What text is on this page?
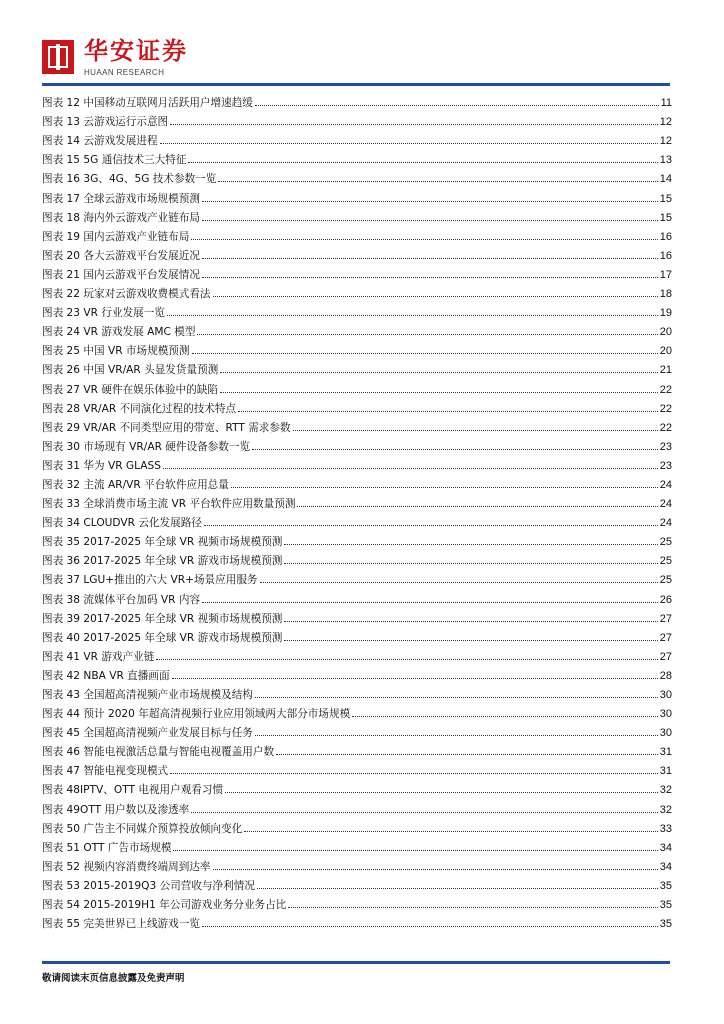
华安证券
HUAAN RESEARCH
图表 12 中国移动互联网月活跃用户增速趋缓	11
图表 13 云游戏运行示意图	12
图表 14 云游戏发展进程	12
图表 15 5G 通信技术三大特征	13
图表 16 3G、4G、5G 技术参数一览	14
图表 17 全球云游戏市场规模预测	15
图表 18 海内外云游戏产业链布局	15
图表 19 国内云游戏产业链布局	16
图表 20 各大云游戏平台发展近况	16
图表 21 国内云游戏平台发展情况	17
图表 22 玩家对云游戏收费模式看法	18
图表 23 VR 行业发展一览	19
图表 24 VR 游戏发展 AMC 模型	20
图表 25 中国 VR 市场规模预测	20
图表 26 中国 VR/AR 头显发货量预测	21
图表 27 VR 硬件在娱乐体验中的缺陷	22
图表 28 VR/AR 不同演化过程的技术特点	22
图表 29 VR/AR 不同类型应用的带宽、RTT 需求参数	22
图表 30 市场现有 VR/AR 硬件设备参数一览	23
图表 31 华为 VR GLASS	23
图表 32 主流 AR/VR 平台软件应用总量	24
图表 33 全球消费市场主流 VR 平台软件应用数量预测	24
图表 34 CLOUDVR 云化发展路径	24
图表 35 2017-2025 年全球 VR 视频市场规模预测	25
图表 36 2017-2025 年全球 VR 游戏市场规模预测	25
图表 37 LGU+推出的六大 VR+场景应用服务	25
图表 38 流媒体平台加码 VR 内容	26
图表 39 2017-2025 年全球 VR 视频市场规模预测	27
图表 40 2017-2025 年全球 VR 游戏市场规模预测	27
图表 41 VR 游戏产业链	27
图表 42 NBA VR 直播画面	28
图表 43 全国超高清视频产业市场规模及结构	30
图表 44 预计 2020 年超高清视频行业应用领域两大部分市场规模	30
图表 45 全国超高清视频产业发展目标与任务	30
图表 46 智能电视激活总量与智能电视覆盖用户数	31
图表 47 智能电视变现模式	31
图表 48IPTV、OTT 电视用户观看习惯	32
图表 49OTT 用户数以及渗透率	32
图表 50 广告主不同媒介预算投放倾向变化	33
图表 51 OTT 广告市场规模	34
图表 52 视频内容消费终端周到达率	34
图表 53 2015-2019Q3 公司营收与净利情况	35
图表 54 2015-2019H1 年公司游戏业务分业务占比	35
图表 55 完美世界已上线游戏一览	35
敬请阅读末页信息披露及免责声明
